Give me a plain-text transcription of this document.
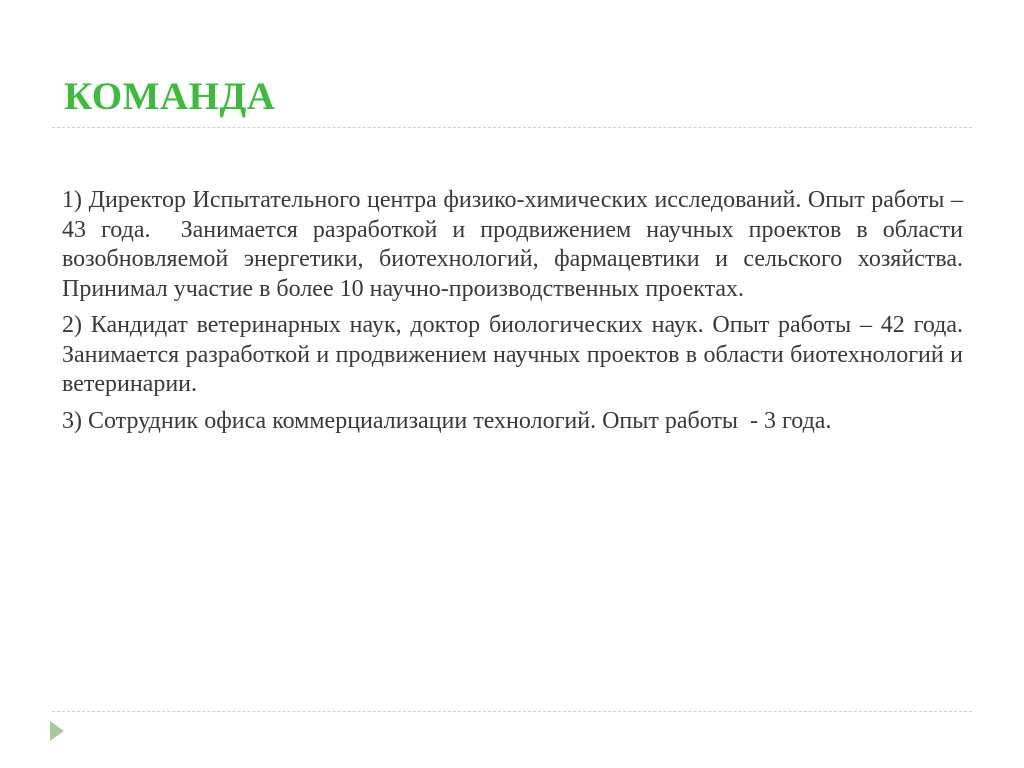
КОМАНДА

1) Директор Испытательного центра физико-химических исследований. Опыт работы – 43 года.  Занимается разработкой и продвижением научных проектов в области возобновляемой энергетики, биотехнологий, фармацевтики и сельского хозяйства. Принимал участие в более 10 научно-производственных проектах.

2) Кандидат ветеринарных наук, доктор биологических наук. Опыт работы – 42 года. Занимается разработкой и продвижением научных проектов в области биотехнологий и ветеринарии.

3) Сотрудник офиса коммерциализации технологий. Опыт работы  - 3 года.
